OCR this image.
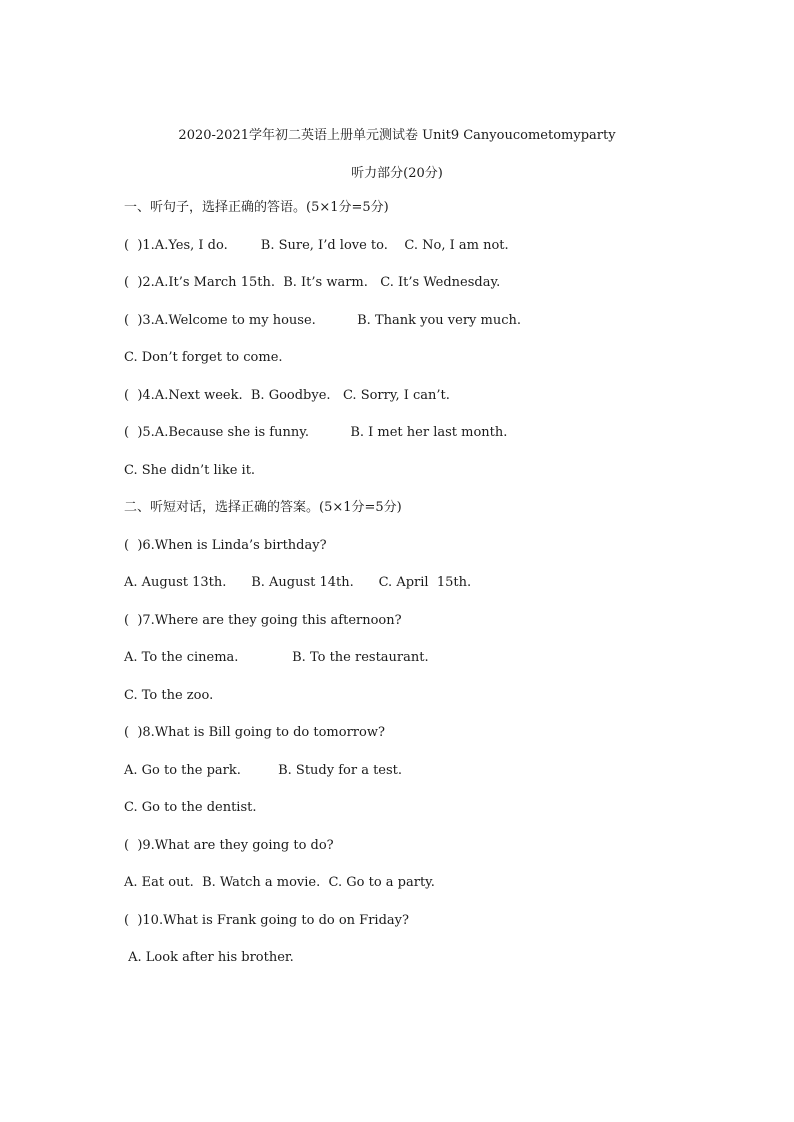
2020-2021学年初二英语上册单元测试卷 Unit9 Canyoucometomyparty
听力部分(20分)
一、听句子，选择正确的答语。(5×1分=5分)
(  )1.A.Yes, I do.        B. Sure, I’d love to.    C. No, I am not.
(  )2.A.It’s March 15th.  B. It’s warm.   C. It’s Wednesday.
(  )3.A.Welcome to my house.          B. Thank you very much.
C. Don’t forget to come.
(  )4.A.Next week.  B. Goodbye.   C. Sorry, I can’t.
(  )5.A.Because she is funny.          B. I met her last month.
C. She didn’t like it.
二、听短对话，选择正确的答案。(5×1分=5分)
(  )6.When is Linda’s birthday?
A. August 13th.      B. August 14th.      C. April  15th.
(  )7.Where are they going this afternoon?
A. To the cinema.             B. To the restaurant.
C. To the zoo.
(  )8.What is Bill going to do tomorrow?
A. Go to the park.         B. Study for a test.
C. Go to the dentist.
(  )9.What are they going to do?
A. Eat out.  B. Watch a movie.  C. Go to a party.
(  )10.What is Frank going to do on Friday?
A. Look after his brother.
